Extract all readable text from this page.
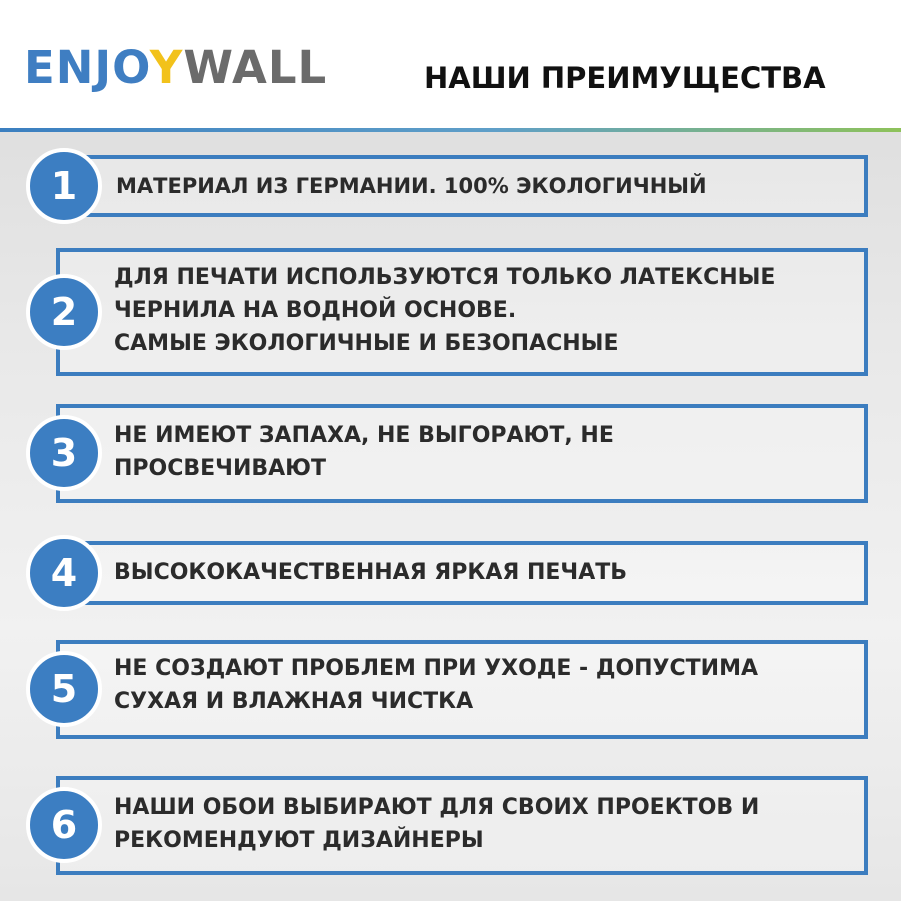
ENJOYWALL	НАШИ ПРЕИМУЩЕСТВА
1	МАТЕРИАЛ ИЗ ГЕРМАНИИ. 100% ЭКОЛОГИЧНЫЙ
2
ДЛЯ ПЕЧАТИ ИСПОЛЬЗУЮТСЯ ТОЛЬКО ЛАТЕКСНЫЕ
ЧЕРНИЛА НА ВОДНОЙ ОСНОВЕ.
САМЫЕ ЭКОЛОГИЧНЫЕ И БЕЗОПАСНЫЕ
3	НЕ ИМЕЮТ ЗАПАХА, НЕ ВЫГОРАЮТ, НЕ
ПРОСВЕЧИВАЮТ
4	ВЫСОКОКАЧЕСТВЕННАЯ ЯРКАЯ ПЕЧАТЬ
5	НЕ СОЗДАЮТ ПРОБЛЕМ ПРИ УХОДЕ - ДОПУСТИМА
СУХАЯ И ВЛАЖНАЯ ЧИСТКА
6	НАШИ ОБОИ ВЫБИРАЮТ ДЛЯ СВОИХ ПРОЕКТОВ И
РЕКОМЕНДУЮТ ДИЗАЙНЕРЫ
